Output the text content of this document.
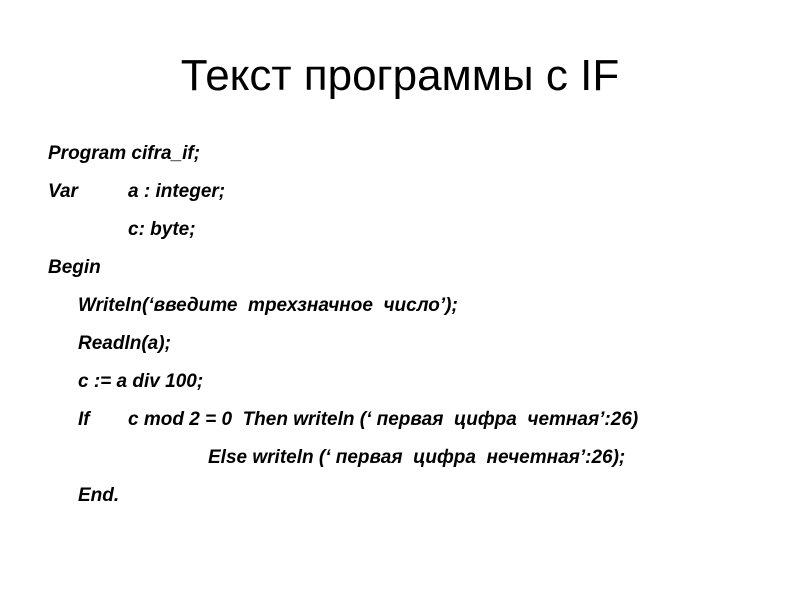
Текст программы с IF

Program cifra_if;

Var	a : integer;

c: byte;

Begin

Writeln(‘введите  трехзначное  число’);

Readln(a);

c := a div 100;

If c mod 2 = 0  Then writeln (‘ первая  цифра  четная’:26)

Else writeln (‘ первая  цифра  нечетная’:26);

End.
